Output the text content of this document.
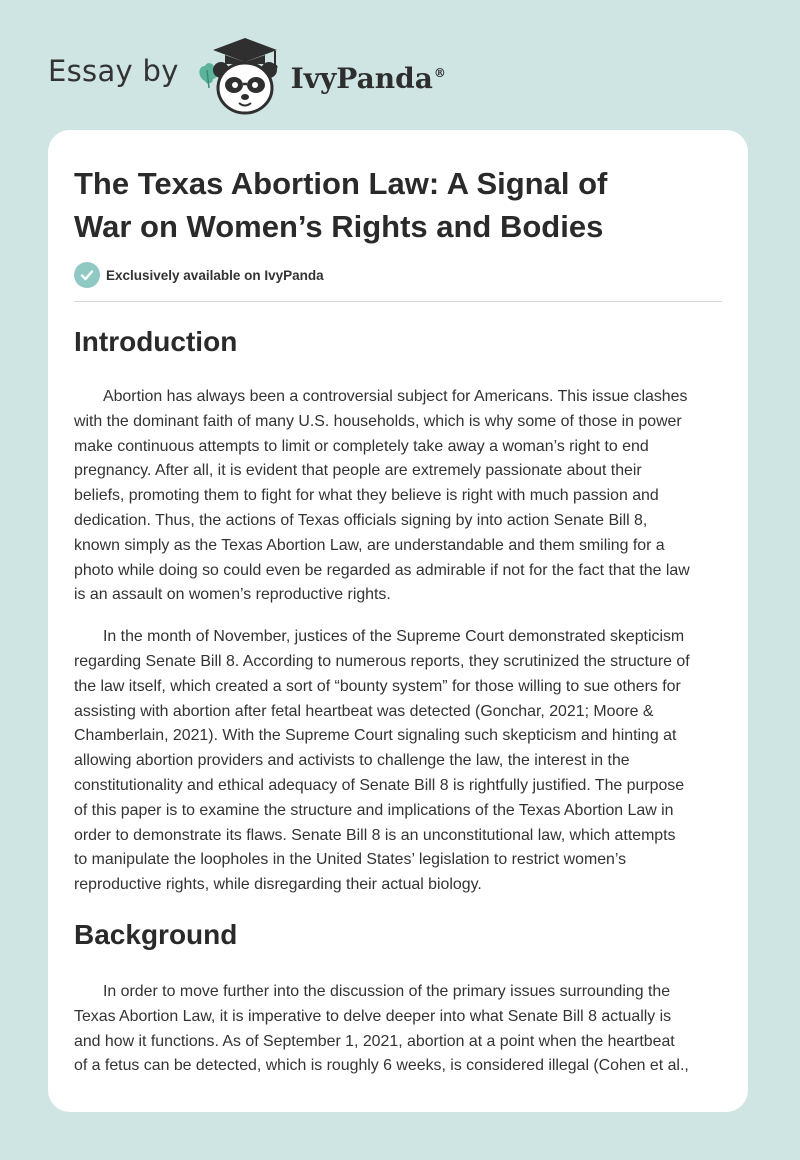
Essay by	IvyPanda®
The Texas Abortion Law: A Signal of
War on Women’s Rights and Bodies
Exclusively available on IvyPanda
Introduction

Abortion has always been a controversial subject for Americans. This issue clashes
with the dominant faith of many U.S. households, which is why some of those in power
make continuous attempts to limit or completely take away a woman’s right to end
pregnancy. After all, it is evident that people are extremely passionate about their
beliefs, promoting them to fight for what they believe is right with much passion and
dedication. Thus, the actions of Texas officials signing by into action Senate Bill 8,
known simply as the Texas Abortion Law, are understandable and them smiling for a
photo while doing so could even be regarded as admirable if not for the fact that the law
is an assault on women’s reproductive rights.

In the month of November, justices of the Supreme Court demonstrated skepticism
regarding Senate Bill 8. According to numerous reports, they scrutinized the structure of
the law itself, which created a sort of “bounty system” for those willing to sue others for
assisting with abortion after fetal heartbeat was detected (Gonchar, 2021; Moore &
Chamberlain, 2021). With the Supreme Court signaling such skepticism and hinting at
allowing abortion providers and activists to challenge the law, the interest in the
constitutionality and ethical adequacy of Senate Bill 8 is rightfully justified. The purpose
of this paper is to examine the structure and implications of the Texas Abortion Law in
order to demonstrate its flaws. Senate Bill 8 is an unconstitutional law, which attempts
to manipulate the loopholes in the United States’ legislation to restrict women’s
reproductive rights, while disregarding their actual biology.

Background

In order to move further into the discussion of the primary issues surrounding the
Texas Abortion Law, it is imperative to delve deeper into what Senate Bill 8 actually is
and how it functions. As of September 1, 2021, abortion at a point when the heartbeat
of a fetus can be detected, which is roughly 6 weeks, is considered illegal (Cohen et al.,
